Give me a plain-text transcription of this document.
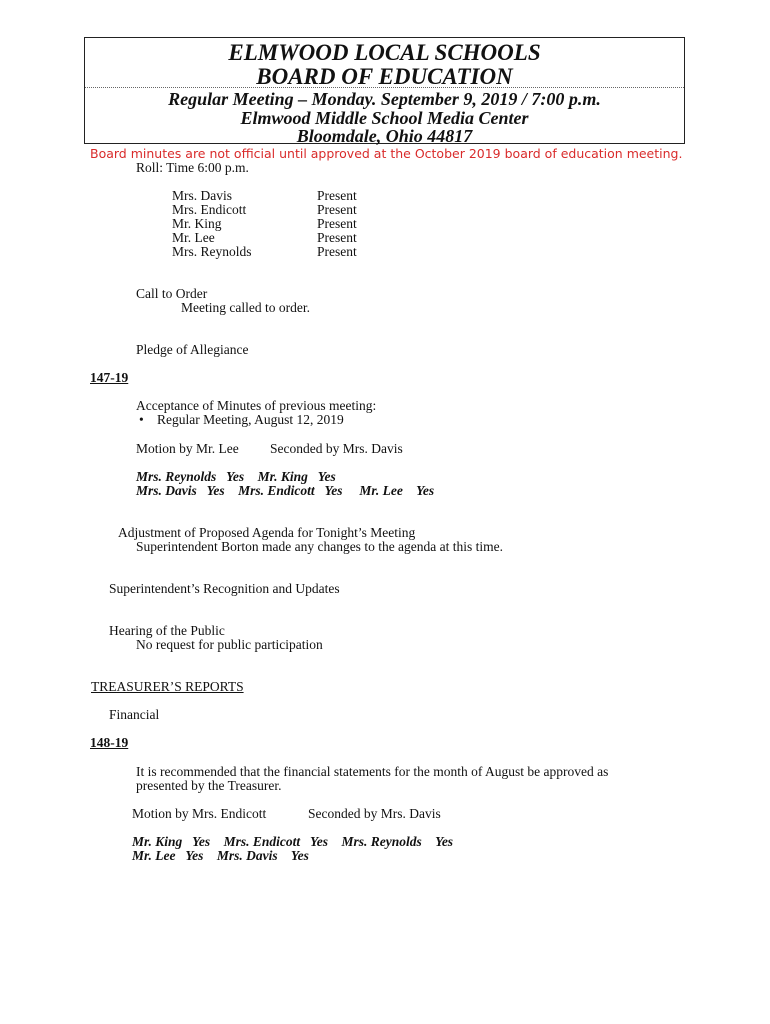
ELMWOOD LOCAL SCHOOLS
BOARD OF EDUCATION
Regular Meeting – Monday. September 9, 2019 / 7:00 p.m.
Elmwood Middle School Media Center
Bloomdale, Ohio 44817
Board minutes are not official until approved at the October 2019 board of education meeting.
Roll: Time 6:00 p.m.
Mrs. Davis	Present
Mrs. Endicott	Present
Mr. King	Present
Mr. Lee	Present
Mrs. Reynolds	Present
Call to Order
Meeting called to order.
Pledge of Allegiance
147-19
Acceptance of Minutes of previous meeting:
• Regular Meeting, August 12, 2019
Motion by Mr. Lee Seconded by Mrs. Davis
Mrs. Reynolds   Yes    Mr. King   Yes
Mrs. Davis   Yes    Mrs. Endicott   Yes     Mr. Lee    Yes
Adjustment of Proposed Agenda for Tonight’s Meeting
Superintendent Borton made any changes to the agenda at this time.
Superintendent’s Recognition and Updates
Hearing of the Public
No request for public participation
TREASURER’S REPORTS
Financial
148-19
It is recommended that the financial statements for the month of August be approved as
presented by the Treasurer.
Motion by Mrs. Endicott	Seconded by Mrs. Davis
Mr. King   Yes    Mrs. Endicott   Yes    Mrs. Reynolds    Yes
Mr. Lee   Yes    Mrs. Davis    Yes
